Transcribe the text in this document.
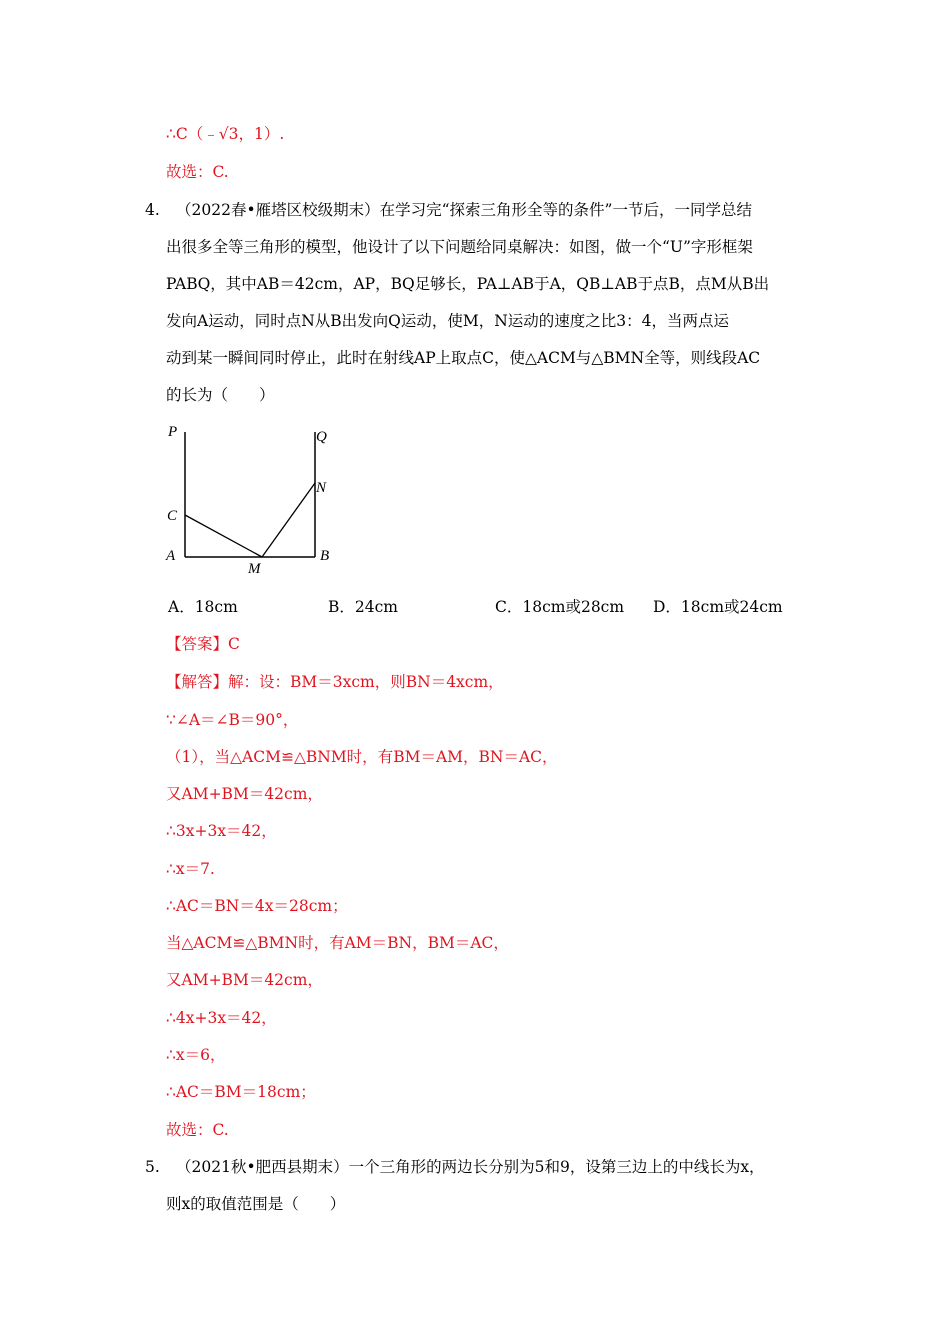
∴C（﹣√3，1）.
故选：C.
4. （2022春•雁塔区校级期末）在学习完“探索三角形全等的条件”一节后，一同学总结
出很多全等三角形的模型，他设计了以下问题给同桌解决：如图，做一个“U”字形框架
PABQ，其中AB＝42cm，AP，BQ足够长，PA⊥AB于A，QB⊥AB于点B，点M从B出
发向A运动，同时点N从B出发向Q运动，使M，N运动的速度之比3：4，当两点运
动到某一瞬间同时停止，此时在射线AP上取点C，使△ACM与△BMN全等，则线段AC
的长为（　　）
P	Q
N
C
A
M
B
A．18cm	B．24cm	C．18cm或28cm D．18cm或24cm
【答案】C
【解答】解：设：BM＝3xcm，则BN＝4xcm，
∵∠A＝∠B＝90°，
（1），当△ACM≌△BNM时，有BM＝AM，BN＝AC，
又AM+BM＝42cm，
∴3x+3x＝42，
∴x＝7.
∴AC＝BN＝4x＝28cm；
当△ACM≌△BMN时，有AM＝BN，BM＝AC，
又AM+BM＝42cm，
∴4x+3x＝42，
∴x＝6，
∴AC＝BM＝18cm；
故选：C.
5. （2021秋•肥西县期末）一个三角形的两边长分别为5和9，设第三边上的中线长为x，
则x的取值范围是（　　）
